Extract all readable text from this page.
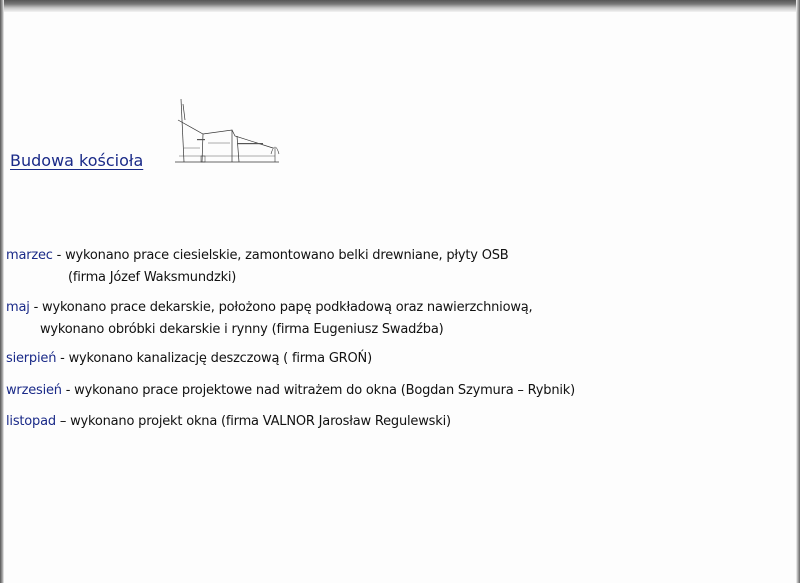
Budowa kościoła
marzec - wykonano prace ciesielskie, zamontowano belki drewniane, płyty OSB
(firma Józef Waksmundzki)
maj - wykonano prace dekarskie, położono papę podkładową oraz nawierzchniową,
wykonano obróbki dekarskie i rynny (firma Eugeniusz Swadźba)
sierpień - wykonano kanalizację deszczową ( firma GROŃ)
wrzesień - wykonano prace projektowe nad witrażem do okna (Bogdan Szymura – Rybnik)
listopad – wykonano projekt okna (firma VALNOR Jarosław Regulewski)
